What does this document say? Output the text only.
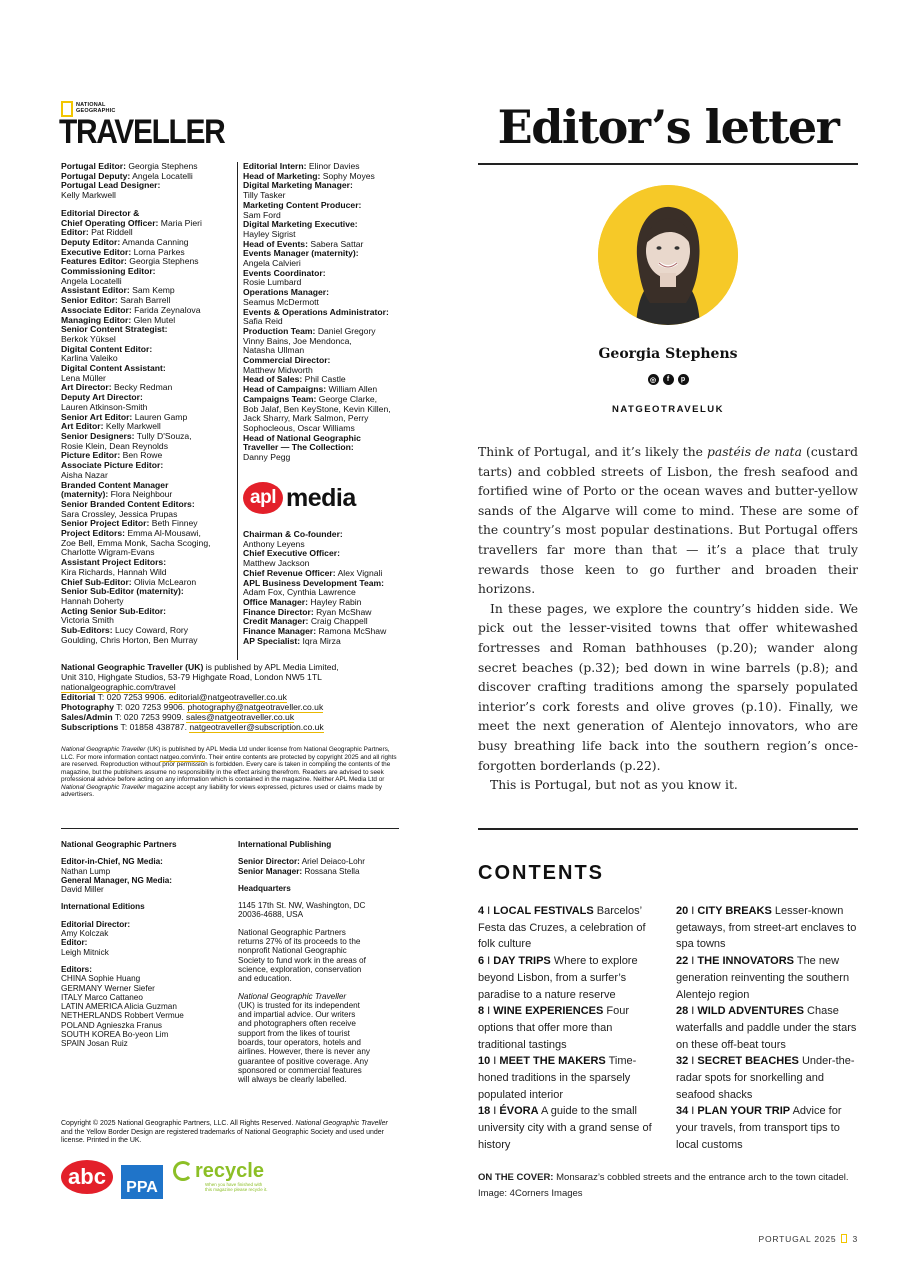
NATIONAL
GEOGRAPHIC
TRAVELLER

Portugal Editor: Georgia Stephens

Portugal Deputy: Angela Locatelli

Portugal Lead Designer:

Kelly Markwell

Editorial Director &

Chief Operating Officer: Maria Pieri

Editor: Pat Riddell

Deputy Editor: Amanda Canning

Executive Editor: Lorna Parkes

Features Editor: Georgia Stephens

Commissioning Editor:

Angela Locatelli

Assistant Editor: Sam Kemp

Senior Editor: Sarah Barrell

Associate Editor: Farida Zeynalova

Managing Editor: Glen Mutel

Senior Content Strategist:

Berkok Yüksel

Digital Content Editor:

Karlina Valeiko

Digital Content Assistant:

Lena Müller

Art Director: Becky Redman

Deputy Art Director:

Lauren Atkinson-Smith

Senior Art Editor: Lauren Gamp

Art Editor: Kelly Markwell

Senior Designers: Tully D'Souza,

Rosie Klein, Dean Reynolds

Picture Editor: Ben Rowe

Associate Picture Editor:

Aisha Nazar

Branded Content Manager

(maternity): Flora Neighbour

Senior Branded Content Editors:

Sara Crossley, Jessica Prupas

Senior Project Editor: Beth Finney

Project Editors: Emma Al-Mousawi,

Zoe Bell, Emma Monk, Sacha Scoging,

Charlotte Wigram-Evans

Assistant Project Editors:

Kira Richards, Hannah Wild

Chief Sub-Editor: Olivia McLearon

Senior Sub-Editor (maternity):

Hannah Doherty

Acting Senior Sub-Editor:

Victoria Smith

Sub-Editors: Lucy Coward, Rory

Goulding, Chris Horton, Ben Murray

Editorial Intern: Elinor Davies

Head of Marketing: Sophy Moyes

Digital Marketing Manager:

Tilly Tasker

Marketing Content Producer:

Sam Ford

Digital Marketing Executive:

Hayley Sigrist

Head of Events: Sabera Sattar

Events Manager (maternity):

Angela Calvieri

Events Coordinator:

Rosie Lumbard

Operations Manager:

Seamus McDermott

Events & Operations Administrator:

Safia Reid

Production Team: Daniel Gregory

Vinny Bains, Joe Mendonca,

Natasha Ullman

Commercial Director:

Matthew Midworth

Head of Sales: Phil Castle

Head of Campaigns: William Allen

Campaigns Team: George Clarke,

Bob Jalaf, Ben KeyStone, Kevin Killen,

Jack Sharry, Mark Salmon, Perry

Sophocleous, Oscar Williams

Head of National Geographic

Traveller — The Collection:

Danny Pegg

apl media

Chairman & Co-founder:

Anthony Leyens

Chief Executive Officer:

Matthew Jackson

Chief Revenue Officer: Alex Vignali

APL Business Development Team:

Adam Fox, Cynthia Lawrence

Office Manager: Hayley Rabin

Finance Director: Ryan McShaw

Credit Manager: Craig Chappell

Finance Manager: Ramona McShaw

AP Specialist: Iqra Mirza

National Geographic Traveller (UK) is published by APL Media Limited,

Unit 310, Highgate Studios, 53-79 Highgate Road, London NW5 1TL

nationalgeographic.com/travel

Editorial T: 020 7253 9906. editorial@natgeotraveller.co.uk

Photography T: 020 7253 9906. photography@natgeotraveller.co.uk

Sales/Admin T: 020 7253 9909. sales@natgeotraveller.co.uk

Subscriptions T: 01858 438787. natgeotraveller@subscription.co.uk

National Geographic Traveller (UK) is published by APL Media Ltd under license from National Geographic Partners, LLC. For more information contact natgeo.com/info. Their entire contents are protected by copyright 2025 and all rights are reserved. Reproduction without prior permission is forbidden. Every care is taken in compiling the contents of the magazine, but the publishers assume no responsibility in the effect arising therefrom. Readers are advised to seek professional advice before acting on any information which is contained in the magazine. Neither APL Media Ltd or National Geographic Traveller magazine accept any liability for views expressed, pictures used or claims made by advertisers.

National Geographic Partners

Editor-in-Chief, NG Media:

Nathan Lump

General Manager, NG Media:

David Miller

International Editions

Editorial Director:

Amy Kolczak

Editor:

Leigh Mitnick

Editors:

CHINA Sophie Huang

GERMANY Werner Siefer

ITALY Marco Cattaneo

LATIN AMERICA Alicia Guzman

NETHERLANDS Robbert Vermue

POLAND Agnieszka Franus

SOUTH KOREA Bo-yeon Lim

SPAIN Josan Ruiz

International Publishing

Senior Director: Ariel Deiaco-Lohr

Senior Manager: Rossana Stella

Headquarters

1145 17th St. NW, Washington, DC

20036-4688, USA

National Geographic Partners

returns 27% of its proceeds to the

nonprofit National Geographic

Society to fund work in the areas of

science, exploration, conservation

and education.

National Geographic Traveller

(UK) is trusted for its independent

and impartial advice. Our writers

and photographers often receive

support from the likes of tourist

boards, tour operators, hotels and

airlines. However, there is never any

guarantee of positive coverage. Any

sponsored or commercial features

will always be clearly labelled.

Copyright © 2025 National Geographic Partners, LLC. All Rights Reserved. National Geographic Traveller and the Yellow Border Design are registered trademarks of National Geographic Society and used under license. Printed in the UK.
abc	PPA
recycle
When you have finished with
this magazine please recycle it.
Editor’s letter
Georgia Stephens
◎	f	p
NATGEOTRAVELUK

Think of Portugal, and it’s likely the pastéis de nata (custard tarts) and cobbled streets of Lisbon, the fresh seafood and fortified wine of Porto or the ocean waves and butter-yellow sands of the Algarve will come to mind. These are some of the country’s most popular destinations. But Portugal offers travellers far more than that — it’s a place that truly rewards those keen to go further and broaden their horizons.

In these pages, we explore the country’s hidden side. We pick out the lesser-visited towns that offer whitewashed fortresses and Roman bathhouses (p.20); wander along secret beaches (p.32); bed down in wine barrels (p.8); and discover crafting traditions among the sparsely populated interior’s cork forests and olive groves (p.10). Finally, we meet the next generation of Alentejo innovators, who are busy breathing life back into the southern region’s once-forgotten borderlands (p.22).

This is Portugal, but not as you know it.

CONTENTS

4 I LOCAL FESTIVALS Barcelos’ Festa das Cruzes, a celebration of folk culture

6 I DAY TRIPS Where to explore beyond Lisbon, from a surfer’s paradise to a nature reserve

8 I WINE EXPERIENCES Four options that offer more than traditional tastings

10 I MEET THE MAKERS Time-honed traditions in the sparsely populated interior

18 I ÉVORA A guide to the small university city with a grand sense of history

20 I CITY BREAKS Lesser-known getaways, from street-art enclaves to spa towns

22 I THE INNOVATORS The new generation reinventing the southern Alentejo region

28 I WILD ADVENTURES Chase waterfalls and paddle under the stars on these off-beat tours

32 I SECRET BEACHES Under-the-radar spots for snorkelling and seafood shacks

34 I PLAN YOUR TRIP Advice for your travels, from transport tips to local customs

ON THE COVER: Monsaraz’s cobbled streets and the entrance arch to the town citadel. Image: 4Corners Images
PORTUGAL 2025 3
